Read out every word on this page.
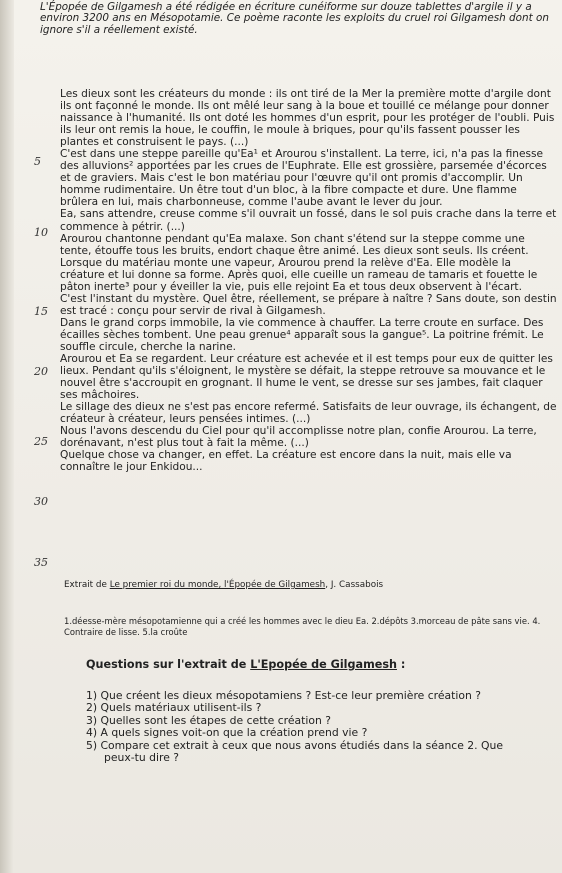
L'Épopée de Gilgamesh a été rédigée en écriture cunéiforme sur douze tablettes d'argile il y a environ 3200 ans en Mésopotamie. Ce poème raconte les exploits du cruel roi Gilgamesh dont on ignore s'il a réellement existé.
5
10
15
20
25
30
35

Les dieux sont les créateurs du monde : ils ont tiré de la Mer la première motte d'argile dont ils ont façonné le monde. Ils ont mêlé leur sang à la boue et touillé ce mélange pour donner naissance à l'humanité. Ils ont doté les hommes d'un esprit, pour les protéger de l'oubli. Puis ils leur ont remis la houe, le couffin, le moule à briques, pour qu'ils fassent pousser les plantes et construisent le pays. (...)

C'est dans une steppe pareille qu'Ea¹ et Arourou s'installent. La terre, ici, n'a pas la finesse des alluvions² apportées par les crues de l'Euphrate. Elle est grossière, parsemée d'écorces et de graviers. Mais c'est le bon matériau pour l'œuvre qu'il ont promis d'accomplir. Un homme rudimentaire. Un être tout d'un bloc, à la fibre compacte et dure. Une flamme brûlera en lui, mais charbonneuse, comme l'aube avant le lever du jour.

Ea, sans attendre, creuse comme s'il ouvrait un fossé, dans le sol puis crache dans la terre et commence à pétrir. (...)

Arourou chantonne pendant qu'Ea malaxe. Son chant s'étend sur la steppe comme une tente, étouffe tous les bruits, endort chaque être animé. Les dieux sont seuls. Ils créent.

Lorsque du matériau monte une vapeur, Arourou prend la relève d'Ea. Elle modèle la créature et lui donne sa forme. Après quoi, elle cueille un rameau de tamaris et fouette le pâton inerte³ pour y éveiller la vie, puis elle rejoint Ea et tous deux observent à l'écart.

C'est l'instant du mystère. Quel être, réellement, se prépare à naître ? Sans doute, son destin est tracé : conçu pour servir de rival à Gilgamesh.

Dans le grand corps immobile, la vie commence à chauffer. La terre croute en surface. Des écailles sèches tombent. Une peau grenue⁴ apparaît sous la gangue⁵. La poitrine frémit. Le souffle circule, cherche la narine.

Arourou et Ea se regardent. Leur créature est achevée et il est temps pour eux de quitter les lieux. Pendant qu'ils s'éloignent, le mystère se défait, la steppe retrouve sa mouvance et le nouvel être s'accroupit en grognant. Il hume le vent, se dresse sur ses jambes, fait claquer ses mâchoires.

Le sillage des dieux ne s'est pas encore refermé. Satisfaits de leur ouvrage, ils échangent, de créateur à créateur, leurs pensées intimes. (...)

Nous l'avons descendu du Ciel pour qu'il accomplisse notre plan, confie Arourou. La terre, dorénavant, n'est plus tout à fait la même. (...)

Quelque chose va changer, en effet. La créature est encore dans la nuit, mais elle va connaître le jour Enkidou...

Extrait de Le premier roi du monde, l'Épopée de Gilgamesh, J. Cassabois
1.déesse-mère mésopotamienne qui a créé les hommes avec le dieu Ea. 2.dépôts 3.morceau de pâte sans vie. 4. Contraire de lisse. 5.la croûte
Questions sur l'extrait de L'Epopée de Gilgamesh :
1) Que créent les dieux mésopotamiens ? Est-ce leur première création ?
2) Quels matériaux utilisent-ils ?
3) Quelles sont les étapes de cette création ?
4) A quels signes voit-on que la création prend vie ?
5) Compare cet extrait à ceux que nous avons étudiés dans la séance 2. Que
peux-tu dire ?
